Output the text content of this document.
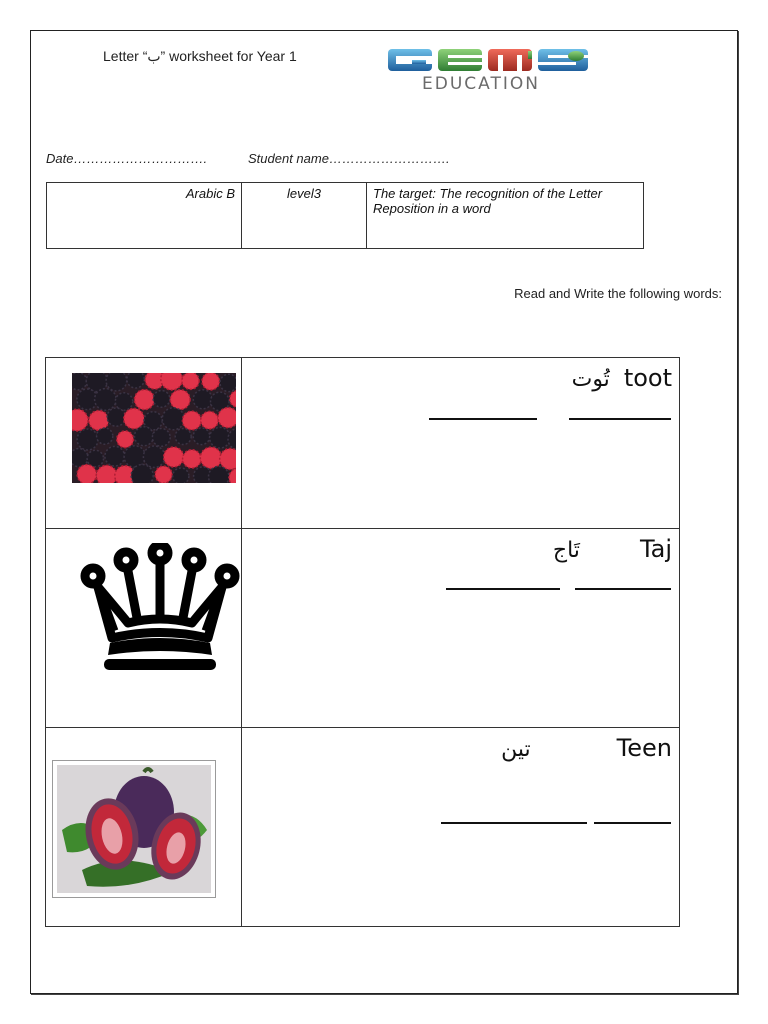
Letter “ب” worksheet for Year 1
EDUCATION
Date………………………….	Student name……………………….
Arabic B	level3	The target: The recognition of the Letter Reposition in a word
Read and Write the following words:

تُوت toot

تَاج Taj

تين Teen
